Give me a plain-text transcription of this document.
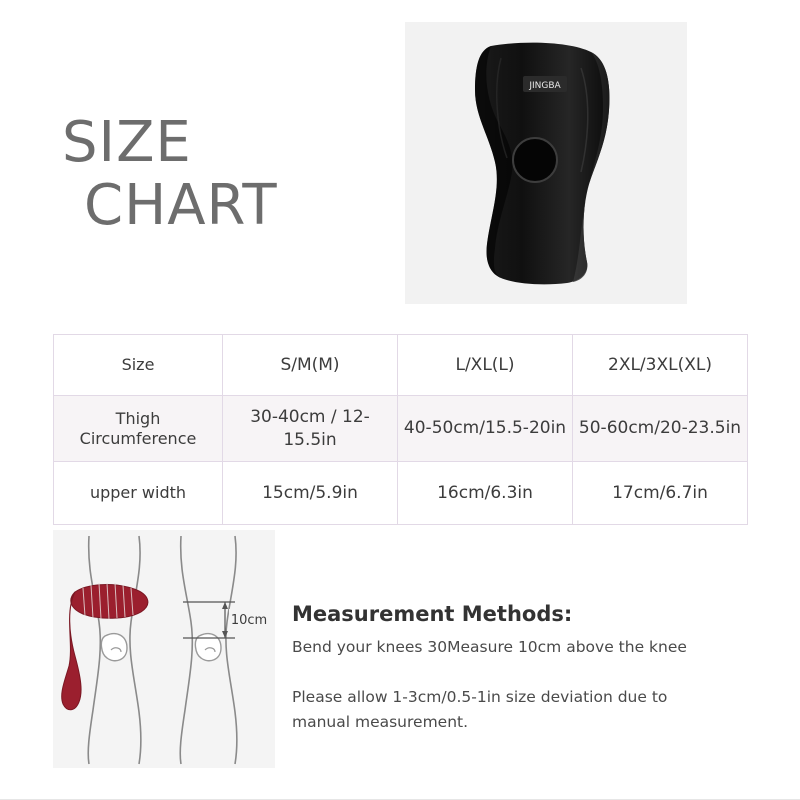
SIZE
CHART
JINGBA
Size	S/M(M)	L/XL(L)	2XL/3XL(XL)

Thigh
Circumference	30-40cm / 12-15.5in	40-50cm/15.5-20in	50-60cm/20-23.5in
upper width	15cm/5.9in	16cm/6.3in	17cm/6.7in
10cm Measurement Methods:

Bend your knees 30Measure 10cm above the knee

Please allow 1-3cm/0.5-1in size deviation due to manual measurement.
